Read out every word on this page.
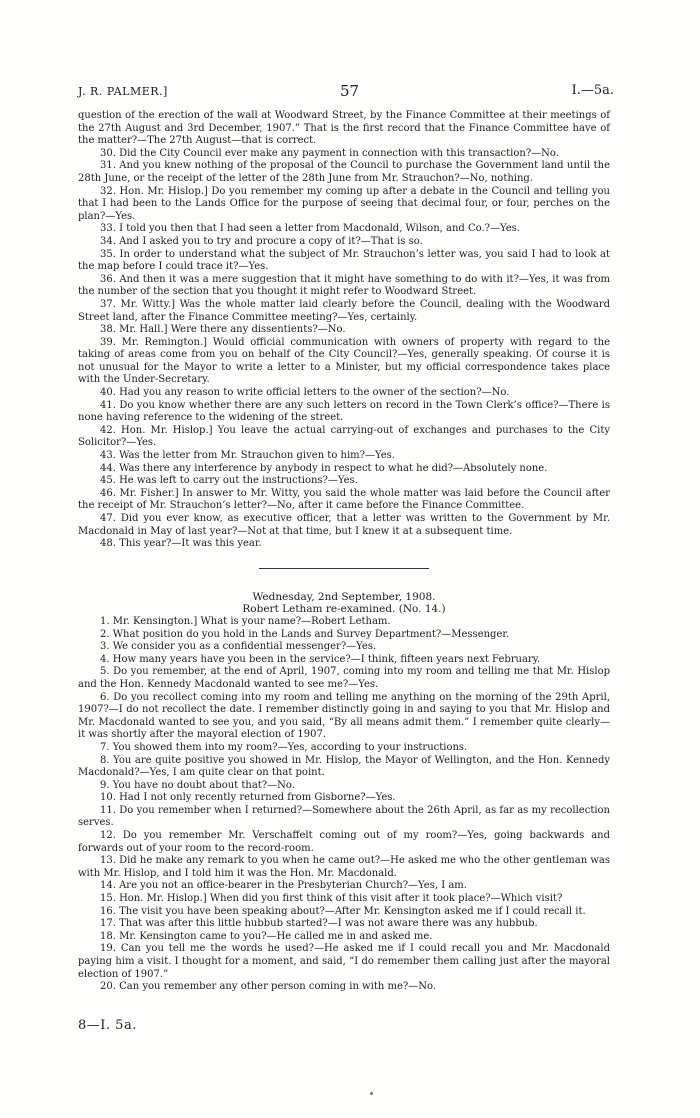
J. R. PALMER.]	57	I.—5a.

question of the erection of the wall at Woodward Street, by the Finance Committee at their meetings of the 27th August and 3rd December, 1907.” That is the first record that the Finance Committee have of the matter?—The 27th August—that is correct.

30. Did the City Council ever make any payment in connection with this transaction?—No.

31. And you knew nothing of the proposal of the Council to purchase the Government land until the 28th June, or the receipt of the letter of the 28th June from Mr. Strauchon?—No, nothing.

32. Hon. Mr. Hislop.] Do you remember my coming up after a debate in the Council and telling you that I had been to the Lands Office for the purpose of seeing that decimal four, or four, perches on the plan?—Yes.

33. I told you then that I had seen a letter from Macdonald, Wilson, and Co.?—Yes.

34. And I asked you to try and procure a copy of it?—That is so.

35. In order to understand what the subject of Mr. Strauchon’s letter was, you said I had to look at the map before I could trace it?—Yes.

36. And then it was a mere suggestion that it might have something to do with it?—Yes, it was from the number of the section that you thought it might refer to Woodward Street.

37. Mr. Witty.] Was the whole matter laid clearly before the Council, dealing with the Woodward Street land, after the Finance Committee meeting?—Yes, certainly.

38. Mr. Hall.] Were there any dissentients?—No.

39. Mr. Remington.] Would official communication with owners of property with regard to the taking of areas come from you on behalf of the City Council?—Yes, generally speaking. Of course it is not unusual for the Mayor to write a letter to a Minister, but my official correspondence takes place with the Under-Secretary.

40. Had you any reason to write official letters to the owner of the section?—No.

41. Do you know whether there are any such letters on record in the Town Clerk’s office?—There is none having reference to the widening of the street.

42. Hon. Mr. Hislop.] You leave the actual carrying-out of exchanges and purchases to the City Solicitor?—Yes.

43. Was the letter from Mr. Strauchon given to him?—Yes.

44. Was there any interference by anybody in respect to what he did?—Absolutely none.

45. He was left to carry out the instructions?—Yes.

46. Mr. Fisher.] In answer to Mr. Witty, you said the whole matter was laid before the Council after the receipt of Mr. Strauchon’s letter?—No, after it came before the Finance Committee.

47. Did you ever know, as executive officer, that a letter was written to the Government by Mr. Macdonald in May of last year?—Not at that time, but I knew it at a subsequent time.

48. This year?—It was this year.

Wednesday, 2nd September, 1908.

Robert Letham re-examined. (No. 14.)

1. Mr. Kensington.] What is your name?—Robert Letham.

2. What position do you hold in the Lands and Survey Department?—Messenger.

3. We consider you as a confidential messenger?—Yes.

4. How many years have you been in the service?—I think, fifteen years next February.

5. Do you remember, at the end of April, 1907, coming into my room and telling me that Mr. Hislop and the Hon. Kennedy Macdonald wanted to see me?—Yes.

6. Do you recollect coming into my room and telling me anything on the morning of the 29th April, 1907?—I do not recollect the date. I remember distinctly going in and saying to you that Mr. Hislop and Mr. Macdonald wanted to see you, and you said, “By all means admit them.” I remember quite clearly—it was shortly after the mayoral election of 1907.

7. You showed them into my room?—Yes, according to your instructions.

8. You are quite positive you showed in Mr. Hislop, the Mayor of Wellington, and the Hon. Kennedy Macdonald?—Yes, I am quite clear on that point.

9. You have no doubt about that?—No.

10. Had I not only recently returned from Gisborne?—Yes.

11. Do you remember when I returned?—Somewhere about the 26th April, as far as my recollection serves.

12. Do you remember Mr. Verschaffelt coming out of my room?—Yes, going backwards and forwards out of your room to the record-room.

13. Did he make any remark to you when he came out?—He asked me who the other gentleman was with Mr. Hislop, and I told him it was the Hon. Mr. Macdonald.

14. Are you not an office-bearer in the Presbyterian Church?—Yes, I am.

15. Hon. Mr. Hislop.] When did you first think of this visit after it took place?—Which visit?

16. The visit you have been speaking about?—After Mr. Kensington asked me if I could recall it.

17. That was after this little hubbub started?—I was not aware there was any hubbub.

18. Mr. Kensington came to you?—He called me in and asked me.

19. Can you tell me the words he used?—He asked me if I could recall you and Mr. Macdonald paying him a visit. I thought for a moment, and said, “I do remember them calling just after the mayoral election of 1907.”

20. Can you remember any other person coming in with me?—No.

8—I. 5a.
